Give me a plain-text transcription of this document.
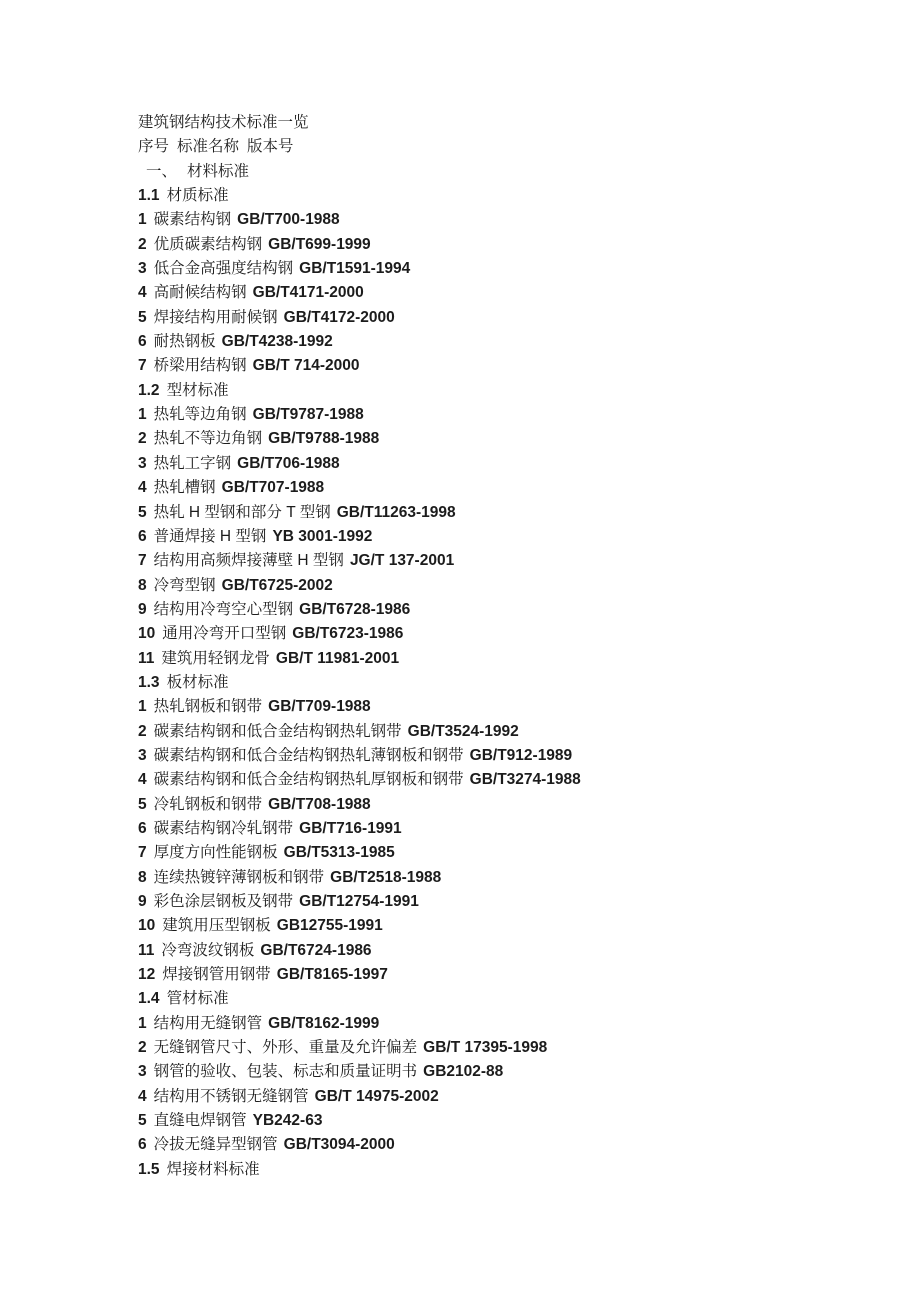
建筑钢结构技术标准一览
序号 标准名称 版本号
一、 材料标准
1.1 材质标准
1 碳素结构钢 GB/T700-1988
2 优质碳素结构钢 GB/T699-1999
3 低合金高强度结构钢 GB/T1591-1994
4 高耐候结构钢 GB/T4171-2000
5 焊接结构用耐候钢 GB/T4172-2000
6 耐热钢板 GB/T4238-1992
7 桥梁用结构钢 GB/T 714-2000
1.2 型材标准
1 热轧等边角钢 GB/T9787-1988
2 热轧不等边角钢 GB/T9788-1988
3 热轧工字钢 GB/T706-1988
4 热轧槽钢 GB/T707-1988
5 热轧 H 型钢和部分 T 型钢 GB/T11263-1998
6 普通焊接 H 型钢 YB 3001-1992
7 结构用高频焊接薄壁 H 型钢 JG/T 137-2001
8 冷弯型钢 GB/T6725-2002
9 结构用冷弯空心型钢 GB/T6728-1986
10 通用冷弯开口型钢 GB/T6723-1986
11 建筑用轻钢龙骨 GB/T 11981-2001
1.3 板材标准
1 热轧钢板和钢带 GB/T709-1988
2 碳素结构钢和低合金结构钢热轧钢带 GB/T3524-1992
3 碳素结构钢和低合金结构钢热轧薄钢板和钢带 GB/T912-1989
4 碳素结构钢和低合金结构钢热轧厚钢板和钢带 GB/T3274-1988
5 冷轧钢板和钢带 GB/T708-1988
6 碳素结构钢冷轧钢带 GB/T716-1991
7 厚度方向性能钢板 GB/T5313-1985
8 连续热镀锌薄钢板和钢带 GB/T2518-1988
9 彩色涂层钢板及钢带 GB/T12754-1991
10 建筑用压型钢板 GB12755-1991
11 冷弯波纹钢板 GB/T6724-1986
12 焊接钢管用钢带 GB/T8165-1997
1.4 管材标准
1 结构用无缝钢管 GB/T8162-1999
2 无缝钢管尺寸、外形、重量及允许偏差 GB/T 17395-1998
3 钢管的验收、包装、标志和质量证明书 GB2102-88
4 结构用不锈钢无缝钢管 GB/T 14975-2002
5 直缝电焊钢管 YB242-63
6 冷拔无缝异型钢管 GB/T3094-2000
1.5 焊接材料标准
